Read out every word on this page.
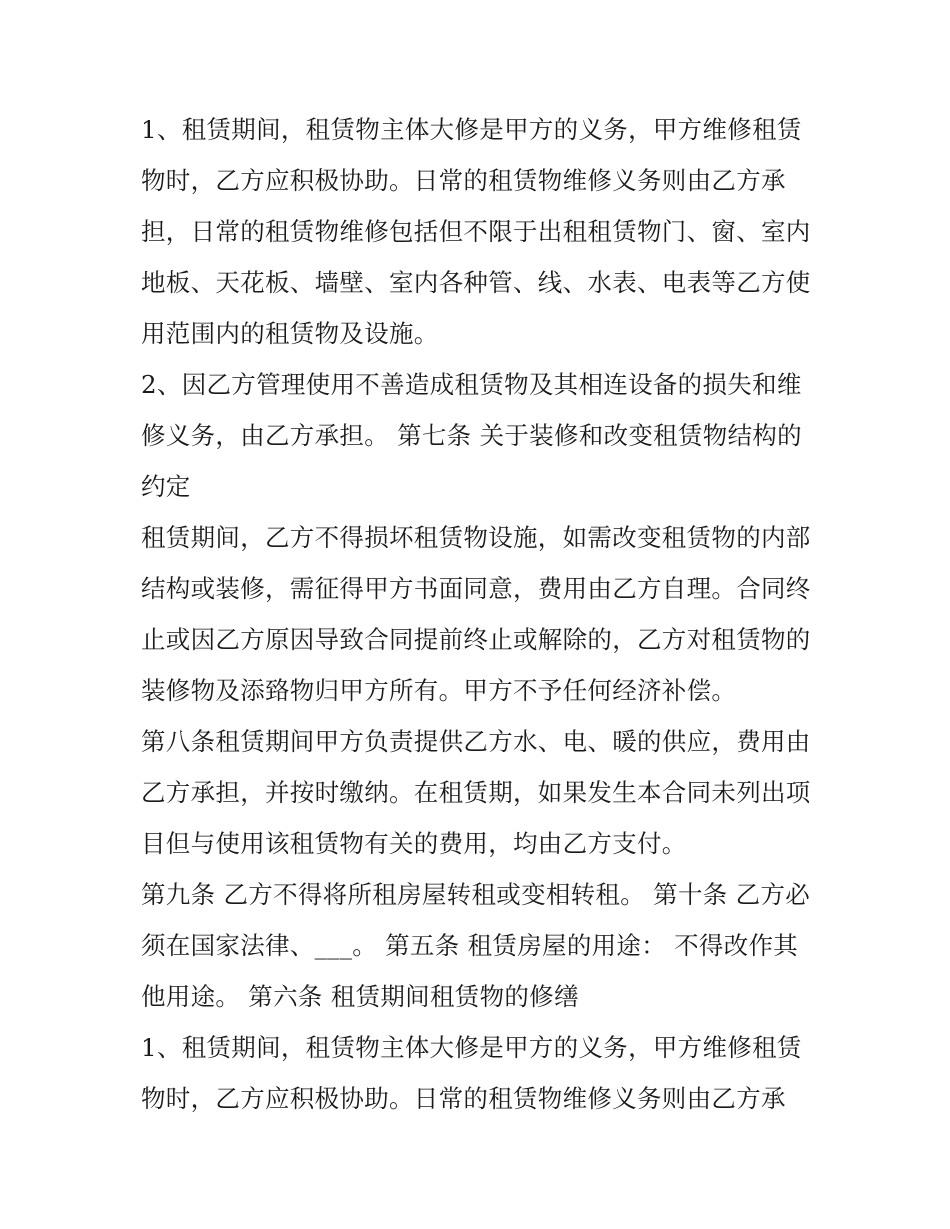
1、租赁期间，租赁物主体大修是甲方的义务，甲方维修租赁物时，乙方应积极协助。日常的租赁物维修义务则由乙方承担，日常的租赁物维修包括但不限于出租租赁物门、窗、室内地板、天花板、墙壁、室内各种管、线、水表、电表等乙方使用范围内的租赁物及设施。

2、因乙方管理使用不善造成租赁物及其相连设备的损失和维修义务，由乙方承担。 第七条 关于装修和改变租赁物结构的约定

租赁期间，乙方不得损坏租赁物设施，如需改变租赁物的内部结构或装修，需征得甲方书面同意，费用由乙方自理。合同终止或因乙方原因导致合同提前终止或解除的，乙方对租赁物的装修物及添臵物归甲方所有。甲方不予任何经济补偿。

第八条租赁期间甲方负责提供乙方水、电、暖的供应，费用由乙方承担，并按时缴纳。在租赁期，如果发生本合同未列出项目但与使用该租赁物有关的费用，均由乙方支付。

第九条 乙方不得将所租房屋转租或变相转租。 第十条 乙方必须在国家法律、___。 第五条 租赁房屋的用途： 不得改作其他用途。 第六条 租赁期间租赁物的修缮

1、租赁期间，租赁物主体大修是甲方的义务，甲方维修租赁物时，乙方应积极协助。日常的租赁物维修义务则由乙方承
